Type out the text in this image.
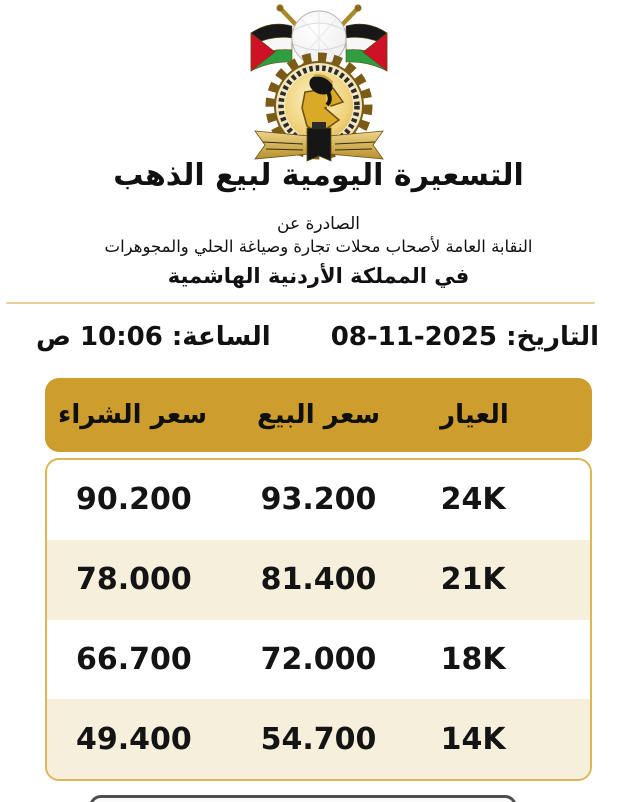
التسعيرة اليومية لبيع الذهب
الصادرة عن
النقابة العامة لأصحاب محلات تجارة وصياغة الحلي والمجوهرات
في المملكة الأردنية الهاشمية
التاريخ: 08-11-2025
الساعة: 10:06 ص
العيار
سعر البيع
سعر الشراء
24K
93.200
90.200
21K
81.400
78.000
18K
72.000
66.700
14K
54.700
49.400
